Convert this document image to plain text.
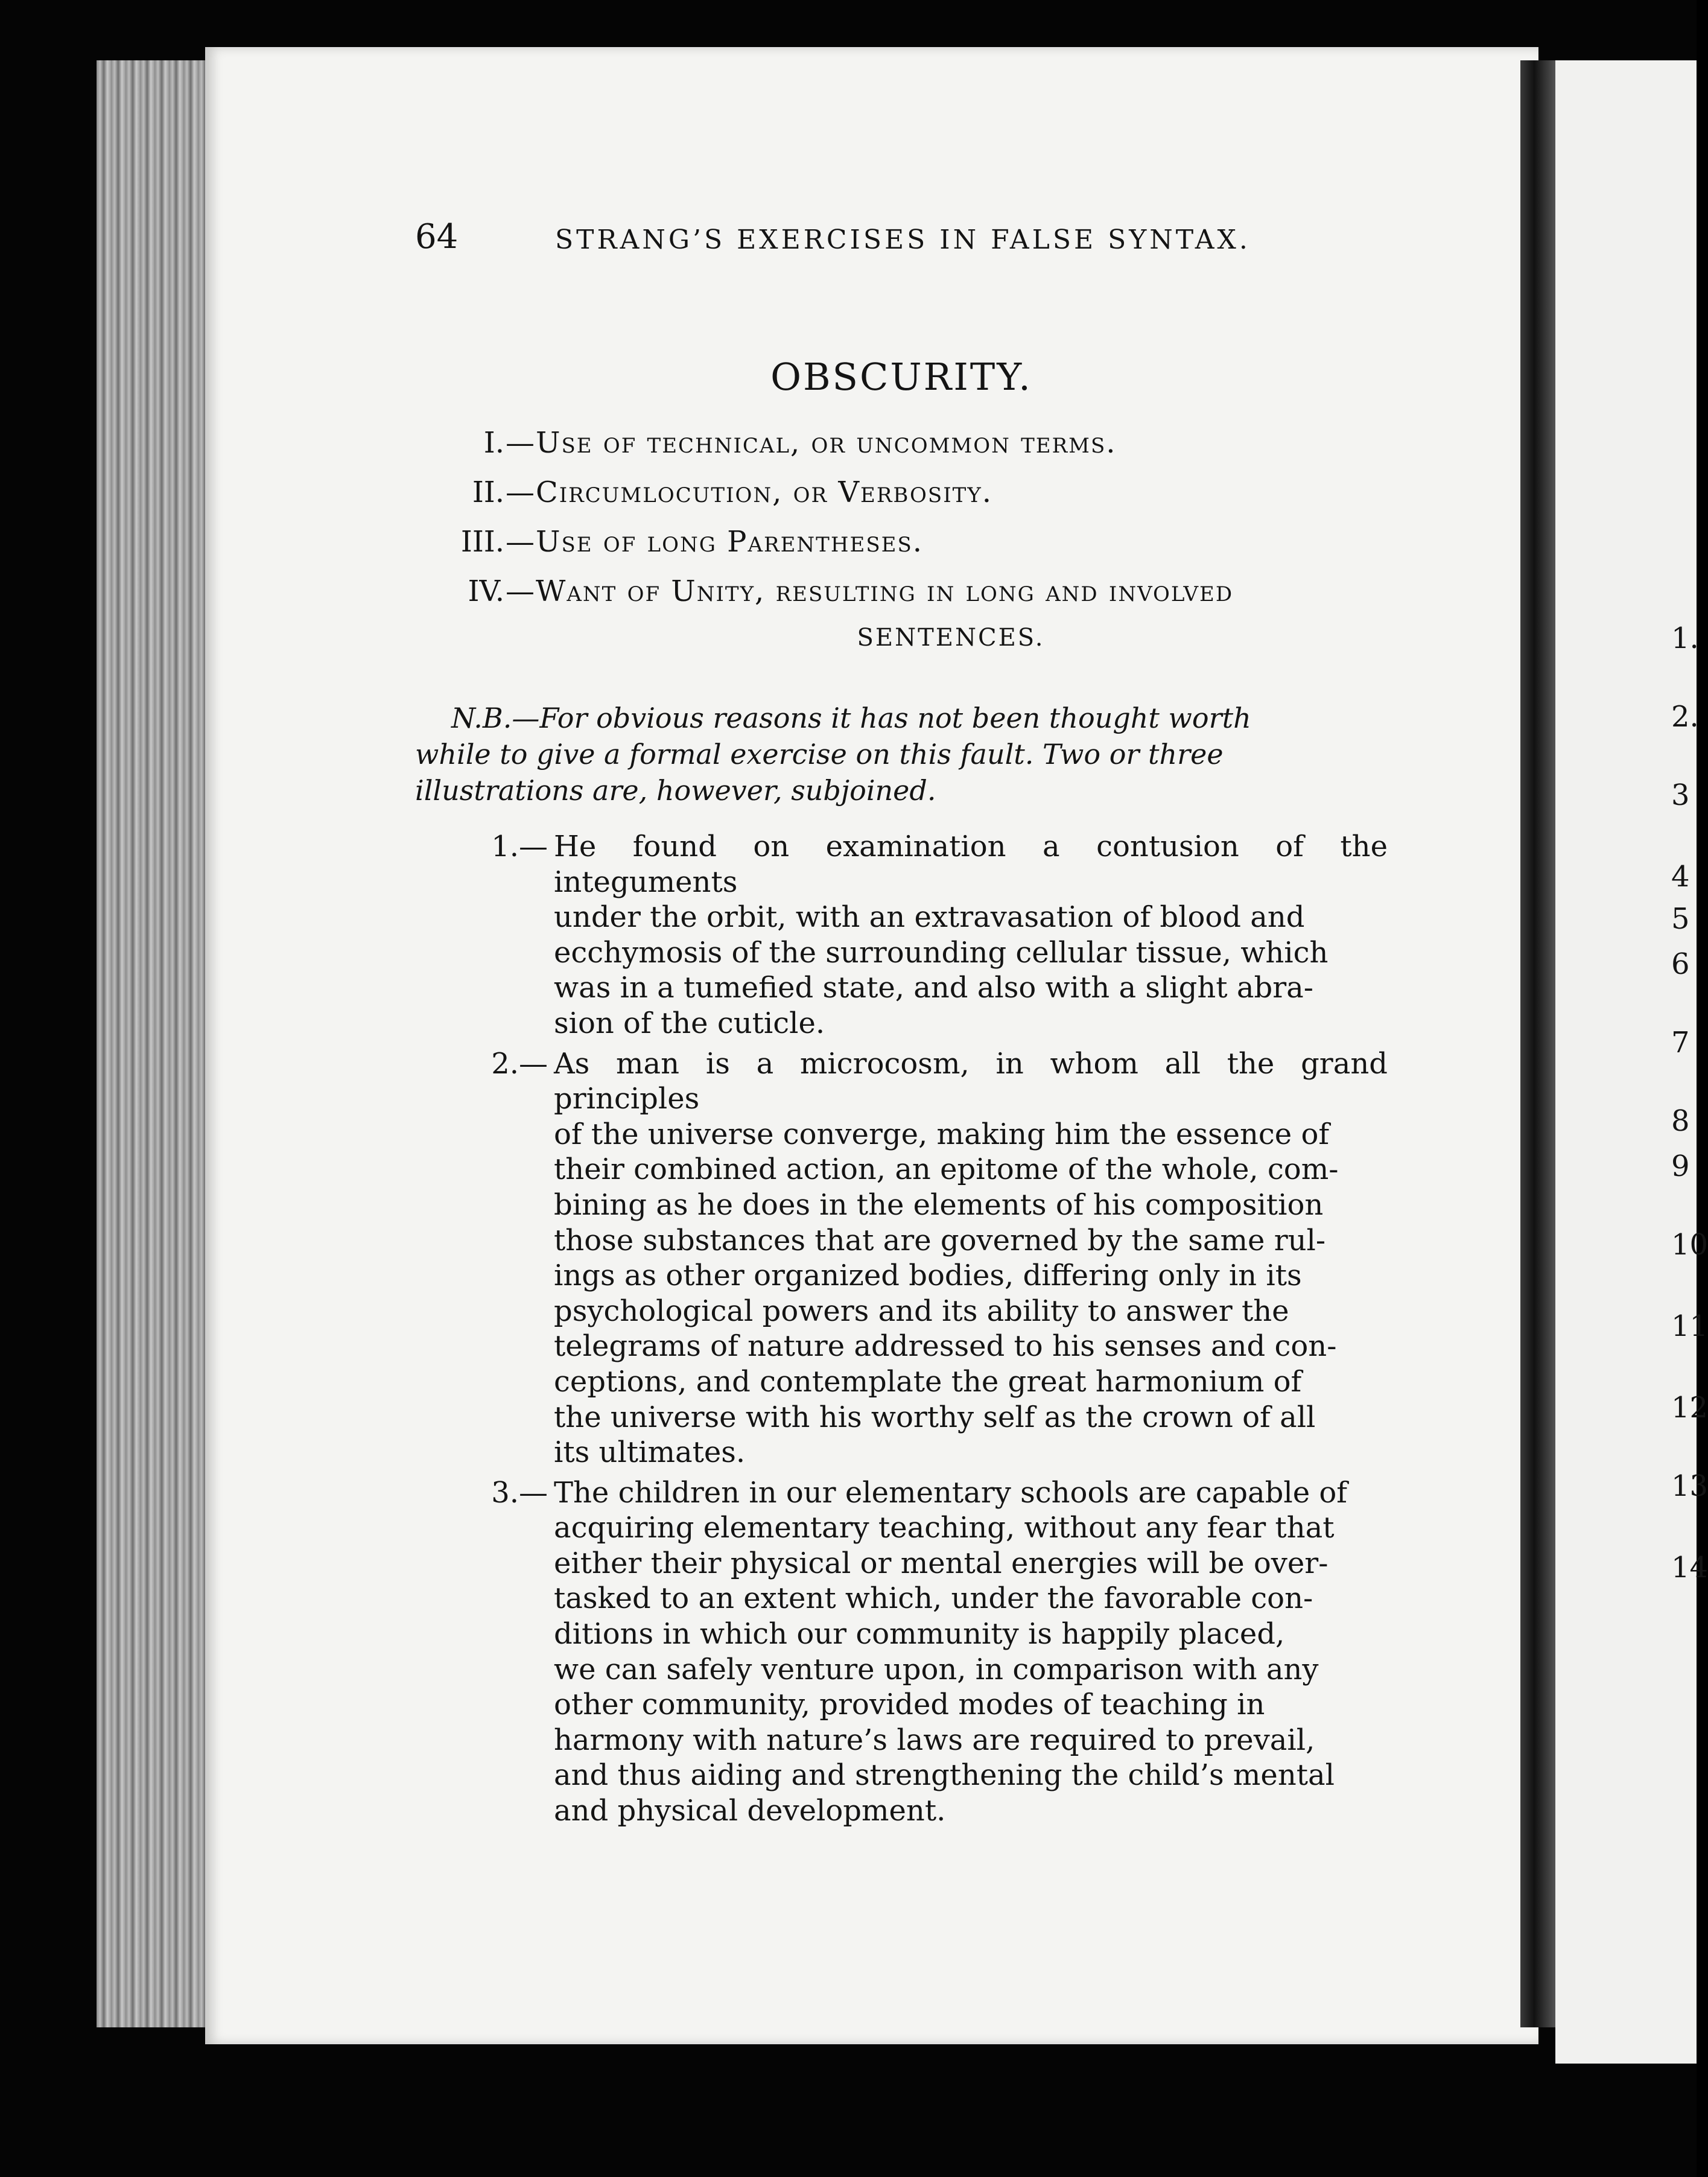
1.
2.
3
4
5
6
7
8
9
10
11
12
13
14
64	STRANG’S EXERCISES IN FALSE SYNTAX.
OBSCURITY.
I. —Use of technical, or uncommon terms.
II. —Circumlocution, or Verbosity.
III. —Use of long Parentheses.
IV. —Want of Unity, resulting in long and involved
SENTENCES.
N.B.—For obvious reasons it has not been thought worth
while to give a formal exercise on this fault. Two or three
illustrations are, however, subjoined.
1.— He found on examination a contusion of the integuments
under the orbit, with an extravasation of blood and
ecchymosis of the surrounding cellular tissue, which
was in a tumefied state, and also with a slight abra-
sion of the cuticle.
2.— As man is a microcosm, in whom all the grand principles
of the universe converge, making him the essence of
their combined action, an epitome of the whole, com-
bining as he does in the elements of his composition
those substances that are governed by the same rul-
ings as other organized bodies, differing only in its
psychological powers and its ability to answer the
telegrams of nature addressed to his senses and con-
ceptions, and contemplate the great harmonium of
the universe with his worthy self as the crown of all
its ultimates.
3.— The children in our elementary schools are capable of
acquiring elementary teaching, without any fear that
either their physical or mental energies will be over-
tasked to an extent which, under the favorable con-
ditions in which our community is happily placed,
we can safely venture upon, in comparison with any
other community, provided modes of teaching in
harmony with nature’s laws are required to prevail,
and thus aiding and strengthening the child’s mental
and physical development.
